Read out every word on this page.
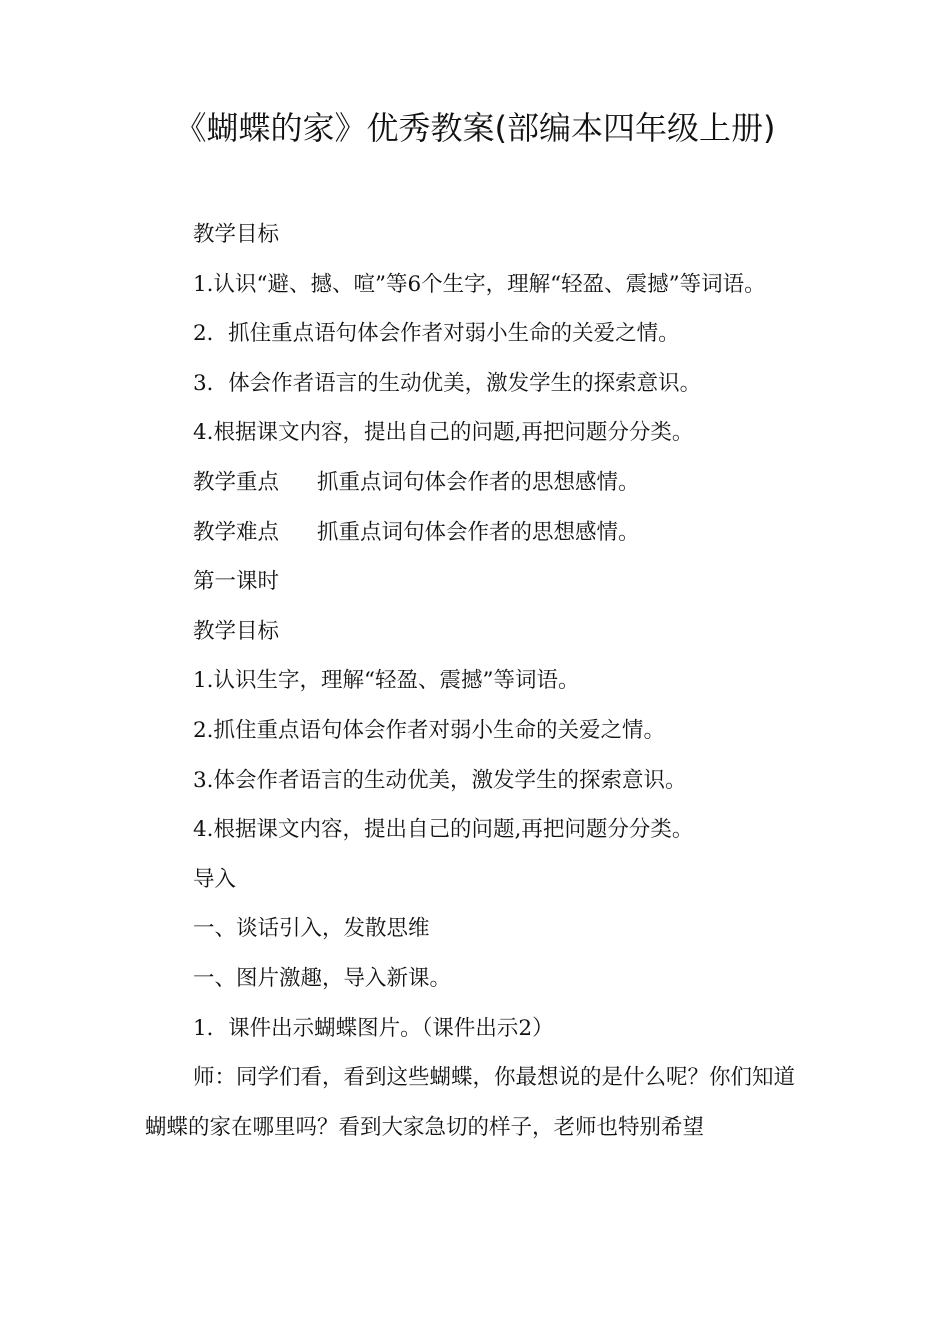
《蝴蝶的家》优秀教案(部编本四年级上册)

教学目标

1.认识“避、撼、喧”等6个生字，理解“轻盈、震撼”等词语。

2．抓住重点语句体会作者对弱小生命的关爱之情。

3．体会作者语言的生动优美，激发学生的探索意识。

4.根据课文内容，提出自己的问题,再把问题分分类。

教学重点 抓重点词句体会作者的思想感情。

教学难点 抓重点词句体会作者的思想感情。

第一课时

教学目标

1.认识生字，理解“轻盈、震撼”等词语。

2.抓住重点语句体会作者对弱小生命的关爱之情。

3.体会作者语言的生动优美，激发学生的探索意识。

4.根据课文内容，提出自己的问题,再把问题分分类。

导入

一、谈话引入，发散思维

一、图片激趣，导入新课。

1．课件出示蝴蝶图片。（课件出示2）

师：同学们看，看到这些蝴蝶，你最想说的是什么呢？你们知道蝴蝶的家在哪里吗？看到大家急切的样子，老师也特别希望
